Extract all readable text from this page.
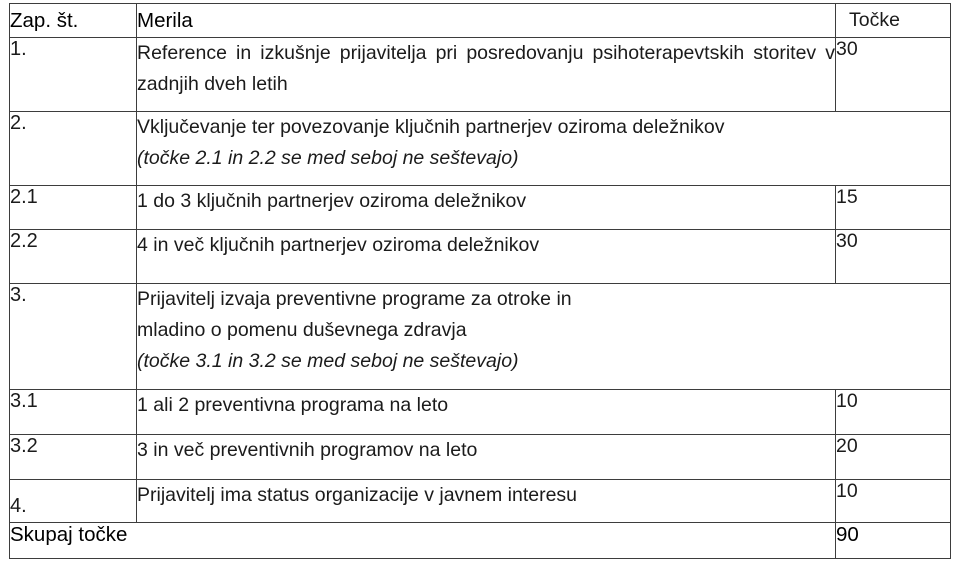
Zap. št.	Merila	Točke
1.	Reference in izkušnje prijavitelja pri posredovanju psihoterapevtskih storitev v zadnjih dveh letih	30
2.	Vključevanje ter povezovanje ključnih partnerjev oziroma deležnikov
(točke 2.1 in 2.2 se med seboj ne seštevajo)	

2.1	1 do 3 ključnih partnerjev oziroma deležnikov	15
2.2	4 in več ključnih partnerjev oziroma deležnikov	30
3.	Prijavitelj izvaja preventivne programe za otroke in
mladino o pomenu duševnega zdravja
(točke 3.1 in 3.2 se med seboj ne seštevajo)	

3.1	1 ali 2 preventivna programa na leto	10
3.2	3 in več preventivnih programov na leto	20
4.	Prijavitelj ima status organizacije v javnem interesu	10
Skupaj točke		90
